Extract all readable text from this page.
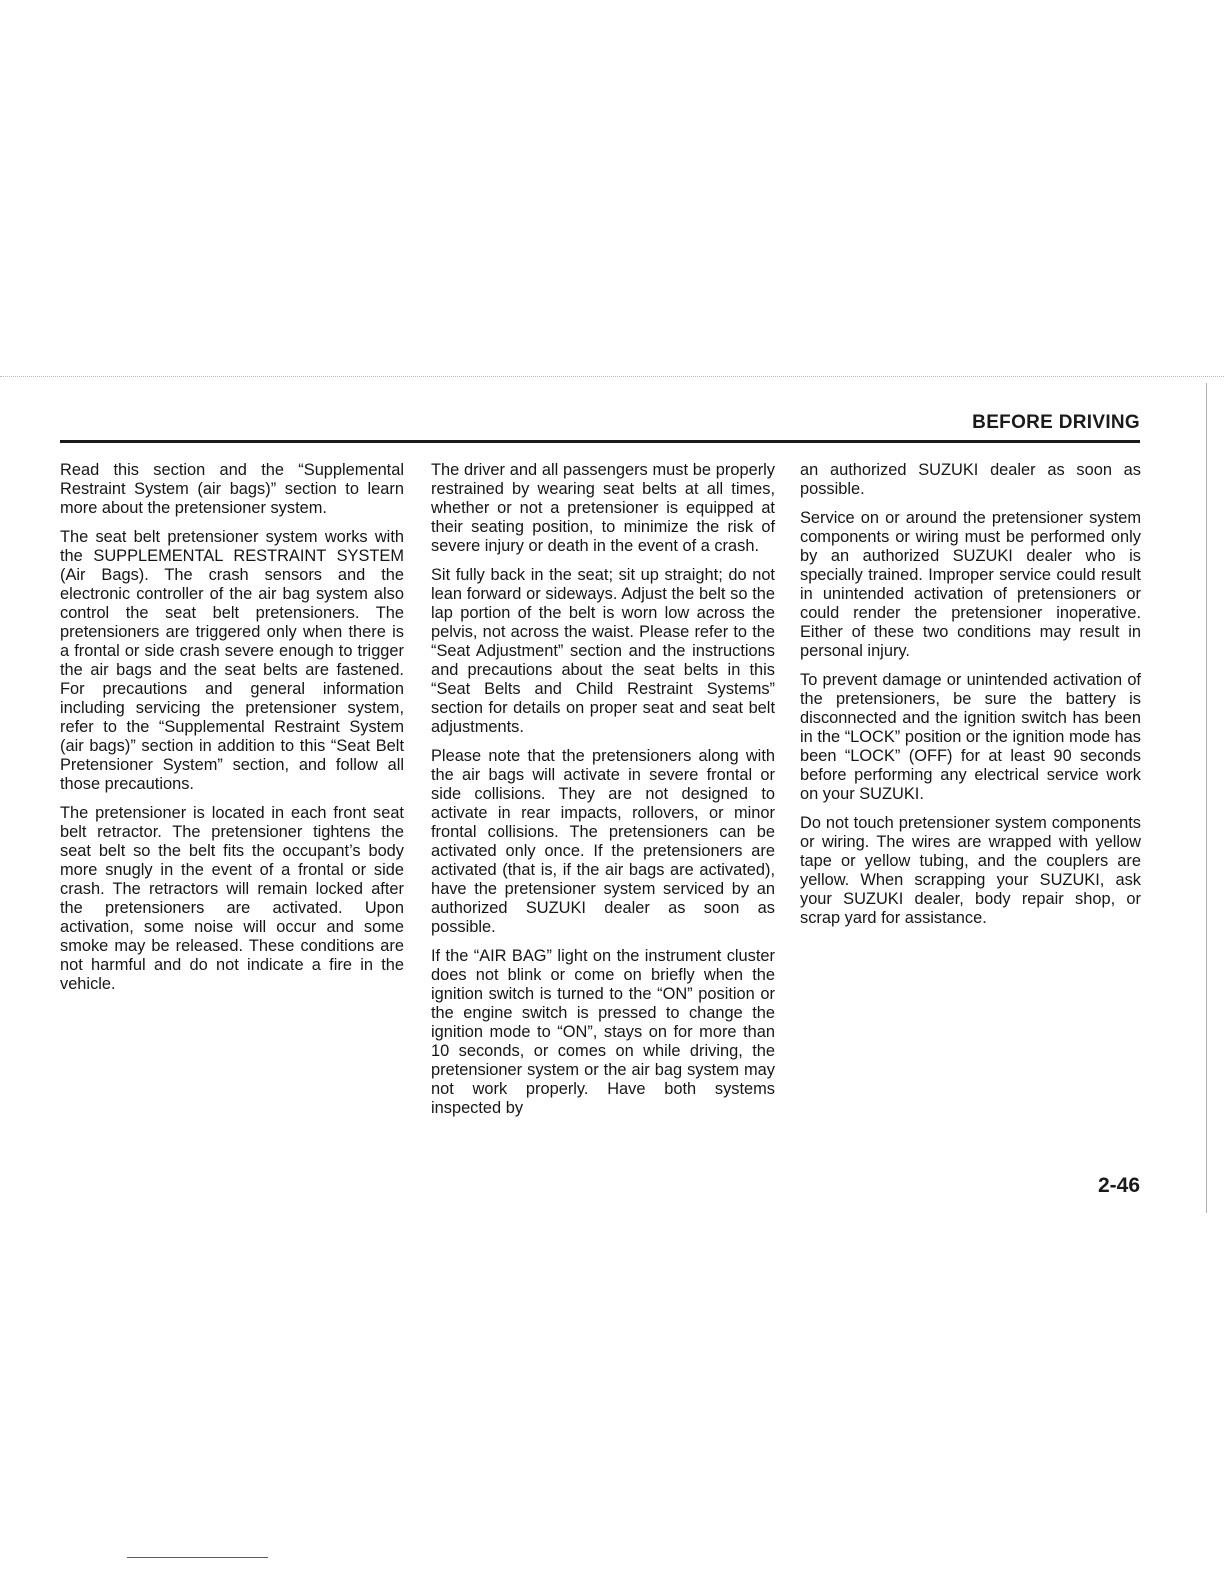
BEFORE DRIVING

Read this section and the “Supplemental Restraint System (air bags)” section to learn more about the pretensioner system.

The seat belt pretensioner system works with the SUPPLEMENTAL RESTRAINT SYSTEM (Air Bags). The crash sensors and the electronic controller of the air bag system also control the seat belt pretensioners. The pretensioners are triggered only when there is a frontal or side crash severe enough to trigger the air bags and the seat belts are fastened. For precautions and general information including servicing the pretensioner system, refer to the “Supplemental Restraint System (air bags)” section in addition to this “Seat Belt Pretensioner System” section, and follow all those precautions.

The pretensioner is located in each front seat belt retractor. The pretensioner tightens the seat belt so the belt fits the occupant’s body more snugly in the event of a frontal or side crash. The retractors will remain locked after the pretensioners are activated. Upon activation, some noise will occur and some smoke may be released. These conditions are not harmful and do not indicate a fire in the vehicle.

The driver and all passengers must be properly restrained by wearing seat belts at all times, whether or not a pretensioner is equipped at their seating position, to minimize the risk of severe injury or death in the event of a crash.

Sit fully back in the seat; sit up straight; do not lean forward or sideways. Adjust the belt so the lap portion of the belt is worn low across the pelvis, not across the waist. Please refer to the “Seat Adjustment” section and the instructions and precautions about the seat belts in this “Seat Belts and Child Restraint Systems” section for details on proper seat and seat belt adjustments.

Please note that the pretensioners along with the air bags will activate in severe frontal or side collisions. They are not designed to activate in rear impacts, rollovers, or minor frontal collisions. The pretensioners can be activated only once. If the pretensioners are activated (that is, if the air bags are activated), have the pretensioner system serviced by an authorized SUZUKI dealer as soon as possible.

If the “AIR BAG” light on the instrument cluster does not blink or come on briefly when the ignition switch is turned to the “ON” position or the engine switch is pressed to change the ignition mode to “ON”, stays on for more than 10 seconds, or comes on while driving, the pretensioner system or the air bag system may not work properly. Have both systems inspected by

an authorized SUZUKI dealer as soon as possible.

Service on or around the pretensioner system components or wiring must be performed only by an authorized SUZUKI dealer who is specially trained. Improper service could result in unintended activation of pretensioners or could render the pretensioner inoperative. Either of these two conditions may result in personal injury.

To prevent damage or unintended activation of the pretensioners, be sure the battery is disconnected and the ignition switch has been in the “LOCK” position or the ignition mode has been “LOCK” (OFF) for at least 90 seconds before performing any electrical service work on your SUZUKI.

Do not touch pretensioner system components or wiring. The wires are wrapped with yellow tape or yellow tubing, and the couplers are yellow. When scrapping your SUZUKI, ask your SUZUKI dealer, body repair shop, or scrap yard for assistance.

2-46
